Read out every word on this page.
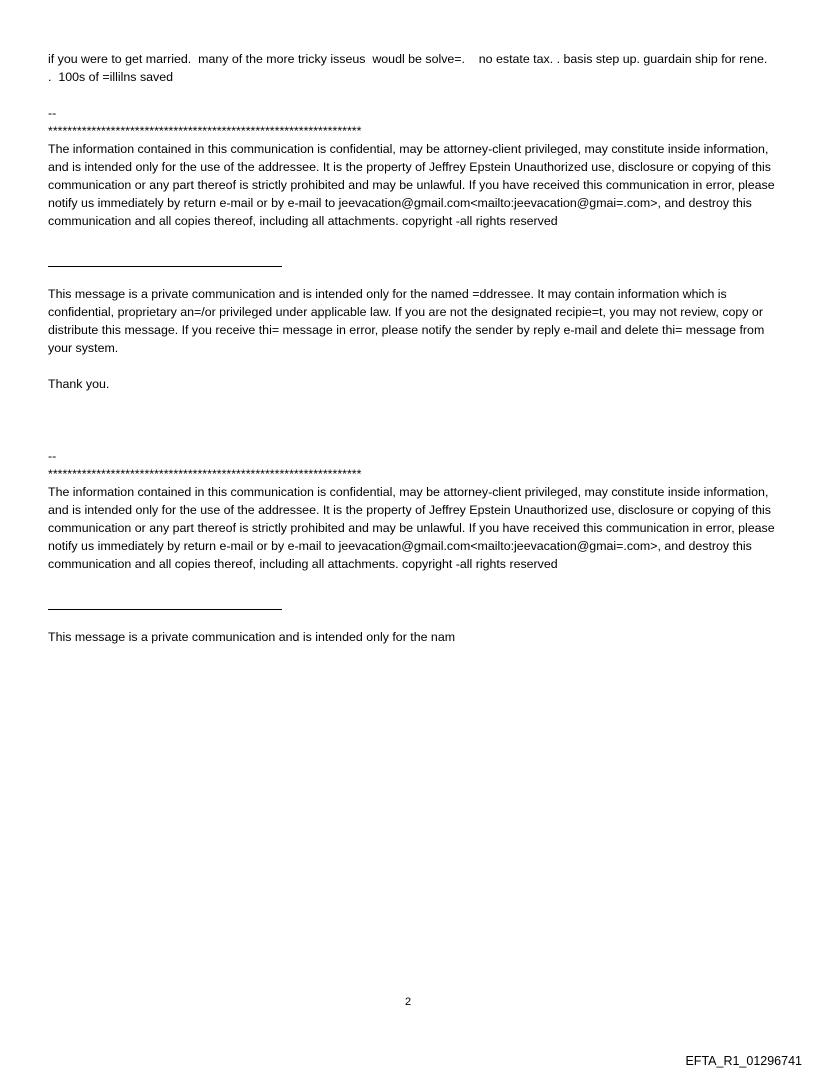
if you were to get married.  many of the more tricky isseus  woudl be solve=.    no estate tax. . basis step up. guardain ship for rene.   .  100s of =illilns saved

--

*****************************************************************

The information contained in this communication is confidential, may be attorney-client privileged, may constitute inside information, and is intended only for the use of the addressee. It is the property of Jeffrey Epstein Unauthorized use, disclosure or copying of this communication or any part thereof is strictly prohibited and may be unlawful. If you have received this communication in error, please notify us immediately by return e-mail or by e-mail to jeevacation@gmail.com<mailto:jeevacation@gmai=.com>, and destroy this communication and all copies thereof, including all attachments. copyright -all rights reserved

This message is a private communication and is intended only for the named =ddressee. It may contain information which is confidential, proprietary an=/or privileged under applicable law. If you are not the designated recipie=t, you may not review, copy or distribute this message. If you receive thi= message in error, please notify the sender by reply e-mail and delete thi= message from your system.

Thank you.

--

*****************************************************************

The information contained in this communication is confidential, may be attorney-client privileged, may constitute inside information, and is intended only for the use of the addressee. It is the property of Jeffrey Epstein Unauthorized use, disclosure or copying of this communication or any part thereof is strictly prohibited and may be unlawful. If you have received this communication in error, please notify us immediately by return e-mail or by e-mail to jeevacation@gmail.com<mailto:jeevacation@gmai=.com>, and destroy this communication and all copies thereof, including all attachments. copyright -all rights reserved

This message is a private communication and is intended only for the nam

2
EFTA_R1_01296741
